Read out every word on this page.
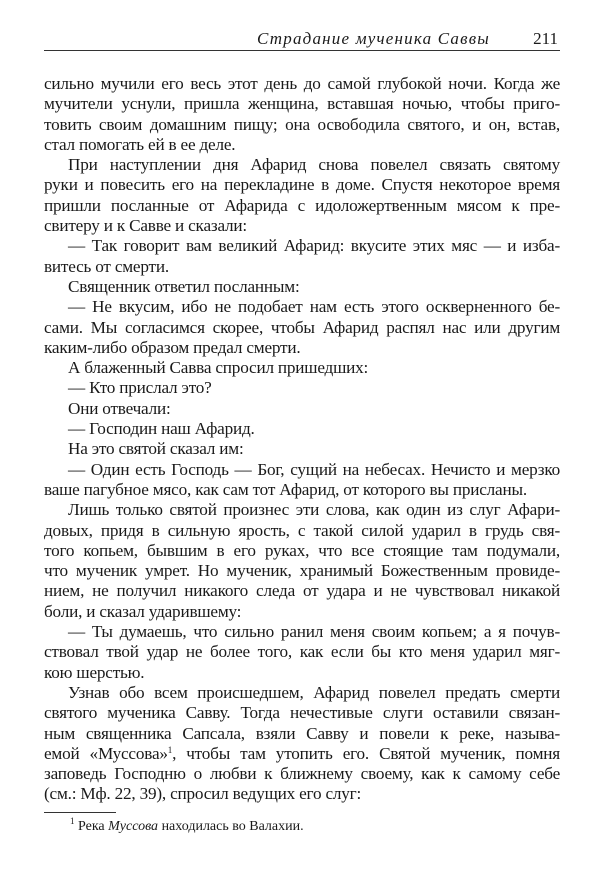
Страдание мученика Саввы	211
сильно мучили его весь этот день до самой глубокой ночи. Когда же
мучители уснули, пришла женщина, вставшая ночью, чтобы приго-
товить своим домашним пищу; она освободила святого, и он, встав,
стал помогать ей в ее деле.
При наступлении дня Афарид снова повелел связать святому
руки и повесить его на перекладине в доме. Спустя некоторое время
пришли посланные от Афарида с идоложертвенным мясом к пре-
свитеру и к Савве и сказали:
— Так говорит вам великий Афарид: вкусите этих мяс — и изба-
витесь от смерти.
Священник ответил посланным:
— Не вкусим, ибо не подобает нам есть этого оскверненного бе-
сами. Мы согласимся скорее, чтобы Афарид распял нас или другим
каким-либо образом предал смерти.
А блаженный Савва спросил пришедших:
— Кто прислал это?
Они отвечали:
— Господин наш Афарид.
На это святой сказал им:
— Один есть Господь — Бог, сущий на небесах. Нечисто и мерзко
ваше пагубное мясо, как сам тот Афарид, от которого вы присланы.
Лишь только святой произнес эти слова, как один из слуг Афари-
довых, придя в сильную ярость, с такой силой ударил в грудь свя-
того копьем, бывшим в его руках, что все стоящие там подумали,
что мученик умрет. Но мученик, хранимый Божественным провиде-
нием, не получил никакого следа от удара и не чувствовал никакой
боли, и сказал ударившему:
— Ты думаешь, что сильно ранил меня своим копьем; а я почув-
ствовал твой удар не более того, как если бы кто меня ударил мяг-
кою шерстью.
Узнав обо всем происшедшем, Афарид повелел предать смерти
святого мученика Савву. Тогда нечестивые слуги оставили связан-
ным священника Сапсала, взяли Савву и повели к реке, называ-
емой «Муссова»$^1$, чтобы там утопить его. Святой мученик, помня
заповедь Господню о любви к ближнему своему, как к самому себе
(см.: Мф. 22, 39), спросил ведущих его слуг:
$^1$ Река Муссова находилась во Валахии.
